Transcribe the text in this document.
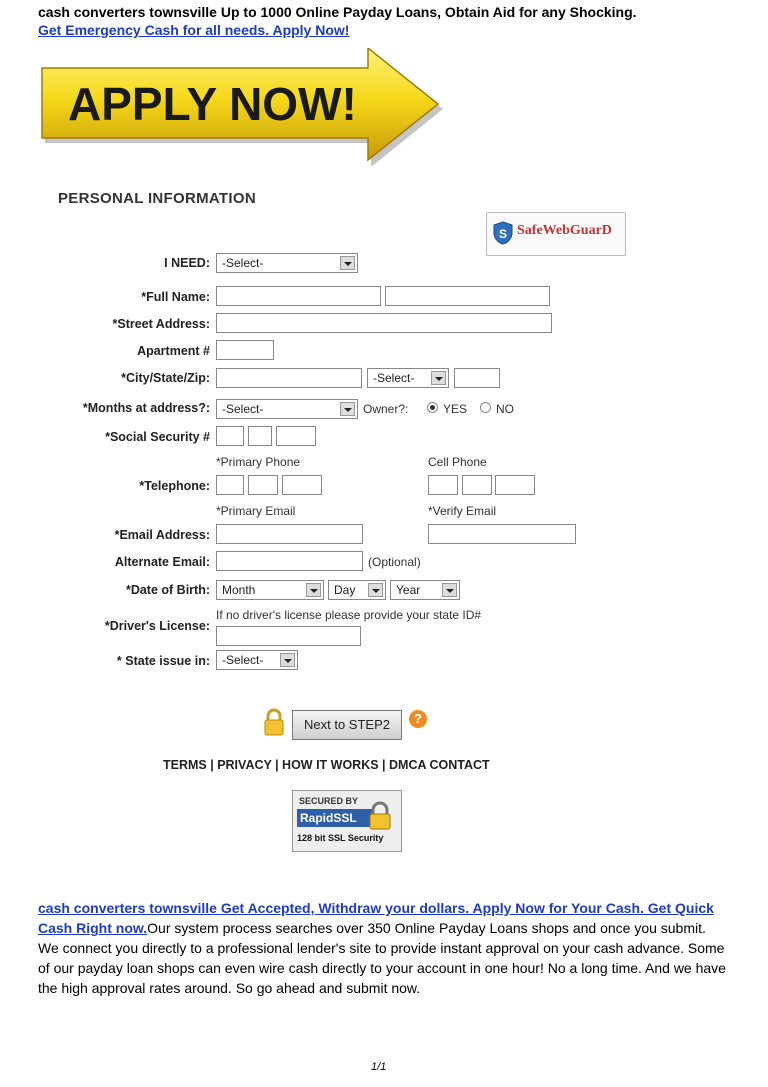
cash converters townsville Up to 1000 Online Payday Loans, Obtain Aid for any Shocking.
Get Emergency Cash for all needs. Apply Now!
APPLY NOW!
PERSONAL INFORMATION
S SafeWebGuarD
I NEED:	-Select-
*Full Name:
*Street Address:
Apartment #
*City/State/Zip:	-Select-
*Months at address?:	-Select-	Owner?:	YES NO
*Social Security #
*Primary Phone	Cell Phone
*Telephone:
*Primary Email	*Verify Email
*Email Address:
Alternate Email:	(Optional)
*Date of Birth:	Month	Day	Year
If no driver's license please provide your state ID#
*Driver's License:
* State issue in:	-Select-
Next to STEP2	?
TERMS | PRIVACY | HOW IT WORKS | DMCA CONTACT
SECURED BY
RapidSSL
128 bit SSL Security
cash converters townsville Get Accepted, Withdraw your dollars. Apply Now for Your Cash. Get Quick Cash Right now.Our system process searches over 350 Online Payday Loans shops and once you submit. We connect you directly to a professional lender's site to provide instant approval on your cash advance. Some of our payday loan shops can even wire cash directly to your account in one hour! No a long time. And we have the high approval rates around. So go ahead and submit now.
1/1
